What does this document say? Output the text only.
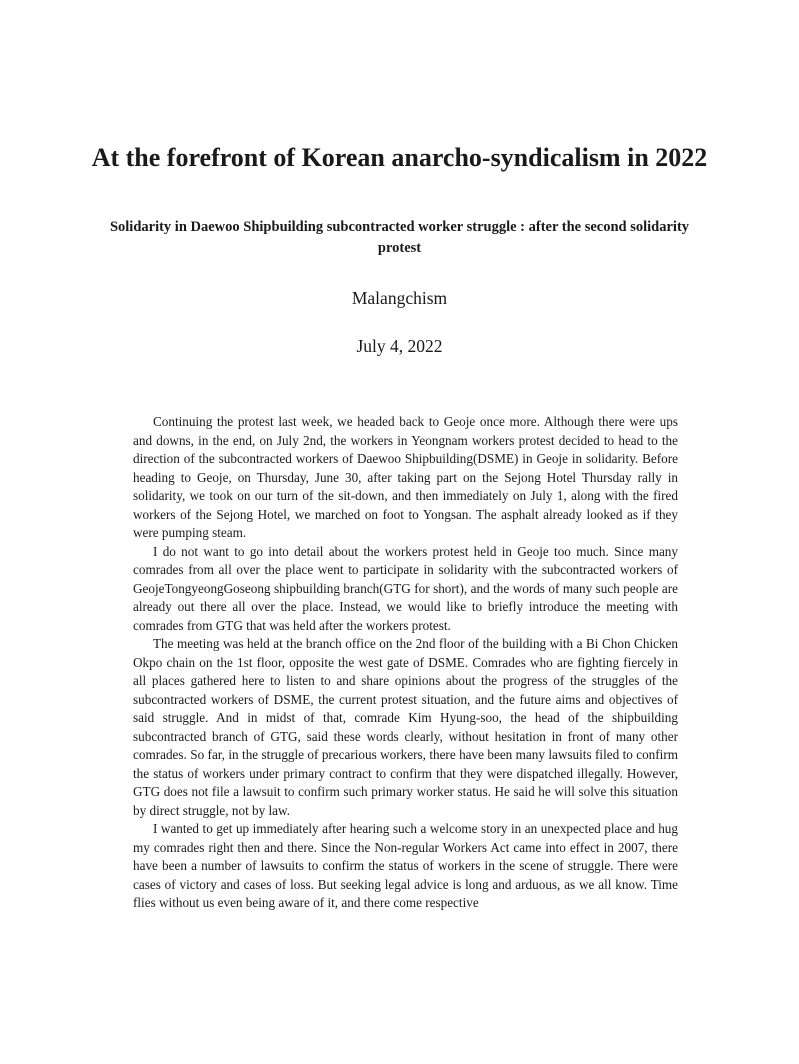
At the forefront of Korean anarcho-syndicalism in 2022
Solidarity in Daewoo Shipbuilding subcontracted worker struggle : after the second solidarity protest
Malangchism
July 4, 2022

Continuing the protest last week, we headed back to Geoje once more. Although there were ups and downs, in the end, on July 2nd, the workers in Yeongnam workers protest decided to head to the direction of the subcontracted workers of Daewoo Shipbuilding(DSME) in Geoje in solidarity. Before heading to Geoje, on Thursday, June 30, after taking part on the Sejong Hotel Thursday rally in solidarity, we took on our turn of the sit-down, and then immediately on July 1, along with the fired workers of the Sejong Hotel, we marched on foot to Yongsan. The asphalt already looked as if they were pumping steam.

I do not want to go into detail about the workers protest held in Geoje too much. Since many comrades from all over the place went to participate in solidarity with the subcontracted workers of GeojeTongyeongGoseong shipbuilding branch(GTG for short), and the words of many such people are already out there all over the place. Instead, we would like to briefly introduce the meeting with comrades from GTG that was held after the workers protest.

The meeting was held at the branch office on the 2nd floor of the building with a Bi Chon Chicken Okpo chain on the 1st floor, opposite the west gate of DSME. Comrades who are fighting fiercely in all places gathered here to listen to and share opinions about the progress of the struggles of the subcontracted workers of DSME, the current protest situation, and the future aims and objectives of said struggle. And in midst of that, comrade Kim Hyung-soo, the head of the shipbuilding subcontracted branch of GTG, said these words clearly, without hesitation in front of many other comrades. So far, in the struggle of precarious workers, there have been many lawsuits filed to confirm the status of workers under primary contract to confirm that they were dispatched illegally. However, GTG does not file a lawsuit to confirm such primary worker status. He said he will solve this situation by direct struggle, not by law.

I wanted to get up immediately after hearing such a welcome story in an unexpected place and hug my comrades right then and there. Since the Non-regular Workers Act came into effect in 2007, there have been a number of lawsuits to confirm the status of workers in the scene of struggle. There were cases of victory and cases of loss. But seeking legal advice is long and arduous, as we all know. Time flies without us even being aware of it, and there come respective
